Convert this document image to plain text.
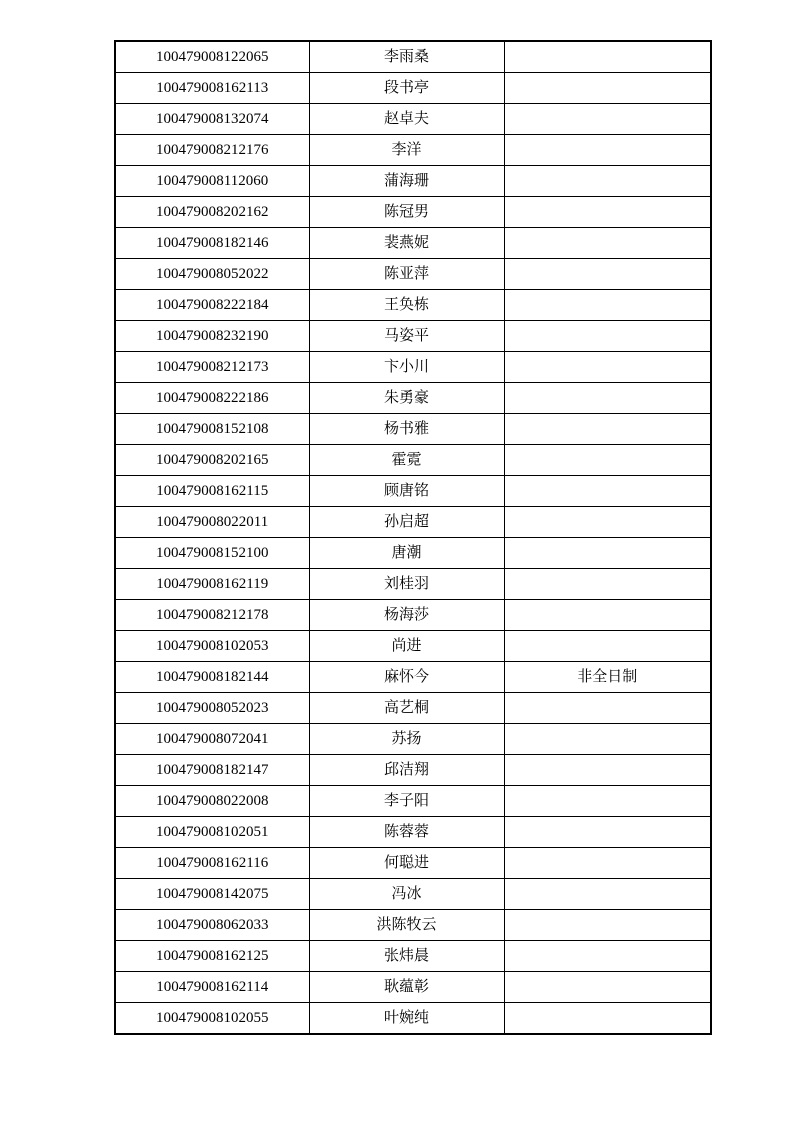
100479008122065	李雨桑	
100479008162113	段书亭	
100479008132074	赵卓夫	
100479008212176	李洋	
100479008112060	蒲海珊	
100479008202162	陈冠男	
100479008182146	裴燕妮	
100479008052022	陈亚萍	
100479008222184	王奂栋	
100479008232190	马姿平	
100479008212173	卞小川	
100479008222186	朱勇豪	
100479008152108	杨书雅	
100479008202165	霍霓	
100479008162115	顾唐铭	
100479008022011	孙启超	
100479008152100	唐潮	
100479008162119	刘桂羽	
100479008212178	杨海莎	
100479008102053	尚进	
100479008182144	麻怀今	非全日制
100479008052023	高艺桐	
100479008072041	苏扬	
100479008182147	邱洁翔	
100479008022008	李子阳	
100479008102051	陈蓉蓉	
100479008162116	何聪进	
100479008142075	冯冰	
100479008062033	洪陈牧云	
100479008162125	张炜晨	
100479008162114	耿蕴彰	
100479008102055	叶婉纯	
